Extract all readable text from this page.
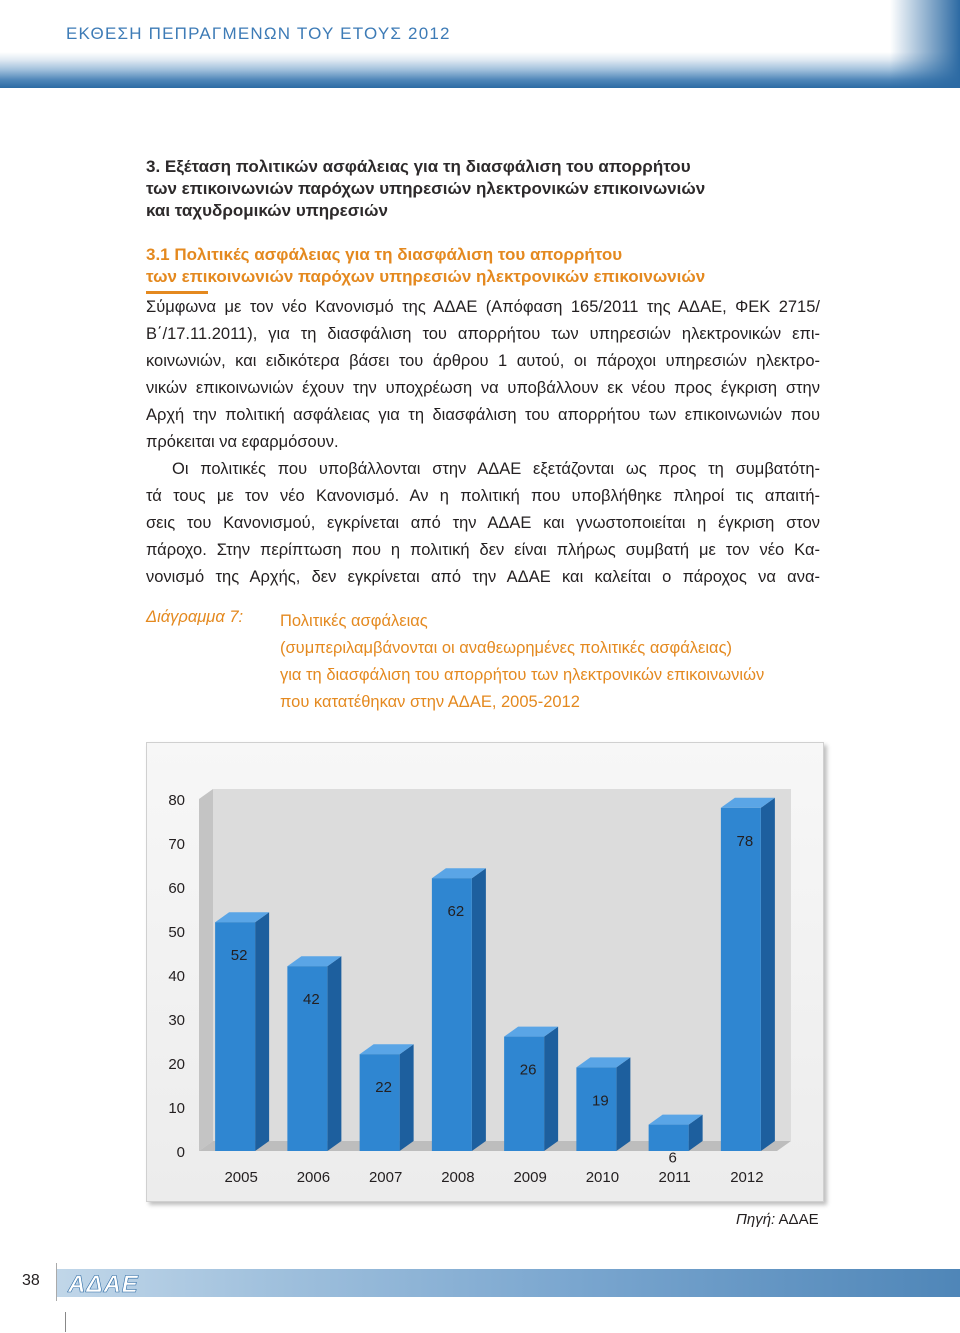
ΕΚΘΕΣΗ ΠΕΠΡΑΓΜΕΝΩΝ ΤΟΥ ΕΤΟΥΣ 2012
3. Εξέταση πολιτικών ασφάλειας για τη διασφάλιση του απορρήτου
των επικοινωνιών παρόχων υπηρεσιών ηλεκτρονικών επικοινωνιών
και ταχυδρομικών υπηρεσιών
3.1 Πολιτικές ασφάλειας για τη διασφάλιση του απορρήτου
των επικοινωνιών παρόχων υπηρεσιών ηλεκτρονικών επικοινωνιών

Σύμφωνα με τον νέο Κανονισμό της ΑΔΑΕ (Απόφαση 165/2011 της ΑΔΑΕ, ΦΕΚ 2715/
Β΄/17.11.2011), για τη διασφάλιση του απορρήτου των υπηρεσιών ηλεκτρονικών επι-
κοινωνιών, και ειδικότερα βάσει του άρθρου 1 αυτού, οι πάροχοι υπηρεσιών ηλεκτρο-
νικών επικοινωνιών έχουν την υποχρέωση να υποβάλλουν εκ νέου προς έγκριση στην
Αρχή την πολιτική ασφάλειας για τη διασφάλιση του απορρήτου των επικοινωνιών που
πρόκειται να εφαρμόσουν.

Οι πολιτικές που υποβάλλονται στην ΑΔΑΕ εξετάζονται ως προς τη συμβατότη-
τά τους με τον νέο Κανονισμό. Αν η πολιτική που υποβλήθηκε πληροί τις απαιτή-
σεις του Κανονισμού, εγκρίνεται από την ΑΔΑΕ και γνωστοποιείται η έγκριση στον
πάροχο. Στην περίπτωση που η πολιτική δεν είναι πλήρως συμβατή με τον νέο Κα-
νονισμό της Αρχής, δεν εγκρίνεται από την ΑΔΑΕ και καλείται ο πάροχος να ανα-

Διάγραμμα 7: Πολιτικές ασφάλειας
(συμπεριλαμβάνονται οι αναθεωρημένες πολιτικές ασφάλειας)
για τη διασφάλιση του απορρήτου των ηλεκτρονικών επικοινωνιών
που κατατέθηκαν στην ΑΔΑΕ, 2005-2012
0
10
20
30
40
50
60
70
80
52
2005
42
2006
22
2007
62
2008
26
2009
19
2010
6
2011
78
2012
Πηγή: ΑΔΑΕ
38 ΑΔΑΕ
